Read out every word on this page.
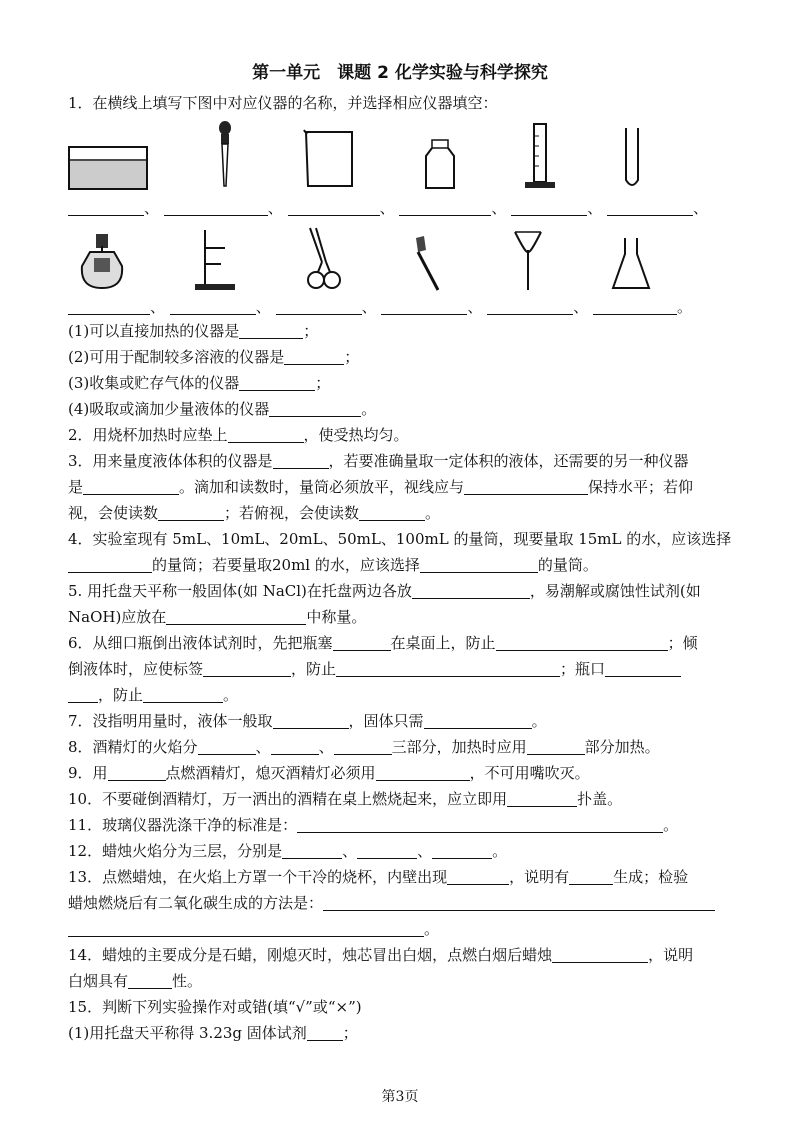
第一单元　课题 2 化学实验与科学探究
1．在横线上填写下图中对应仪器的名称，并选择相应仪器填空：
、	、	、	、	、	、
、	、	、	、	、	。
(1)可以直接加热的仪器是	；
(2)可用于配制较多溶液的仪器是	；
(3)收集或贮存气体的仪器	；
(4)吸取或滴加少量液体的仪器	。
2．用烧杯加热时应垫上	，使受热均匀。
3．用来量度液体体积的仪器是	，若要准确量取一定体积的液体，还需要的另一种仪器
是	。滴加和读数时，量筒必须放平，视线应与	保持水平；若仰
视，会使读数	；若俯视，会使读数	。
4．实验室现有 5mL、10mL、20mL、50mL、100mL 的量筒，现要量取 15mL 的水，应该选择
的量筒；若要量取20ml 的水，应该选择	的量筒。
5. 用托盘天平称一般固体(如 NaCl)在托盘两边各放	，易潮解或腐蚀性试剂(如
NaOH)应放在	中称量。
6．从细口瓶倒出液体试剂时，先把瓶塞	在桌面上，防止	；倾
倒液体时，应使标签	，防止	；瓶口
，防止	。
7．没指明用量时，液体一般取	，固体只需	。
8．酒精灯的火焰分	、	、	三部分，加热时应用	部分加热。
9．用	点燃酒精灯，熄灭酒精灯必须用	，不可用嘴吹灭。
10．不要碰倒酒精灯，万一洒出的酒精在桌上燃烧起来，应立即用	扑盖。
11．玻璃仪器洗涤干净的标准是：	。
12．蜡烛火焰分为三层，分别是	、	、	。
13．点燃蜡烛，在火焰上方罩一个干冷的烧杯，内壁出现	，说明有	生成；检验
蜡烛燃烧后有二氧化碳生成的方法是：
。
14．蜡烛的主要成分是石蜡，刚熄灭时，烛芯冒出白烟，点燃白烟后蜡烛	，说明
白烟具有	性。
15．判断下列实验操作对或错(填“√”或“×”)
(1)用托盘天平称得 3.23g 固体试剂 ；
第3页
